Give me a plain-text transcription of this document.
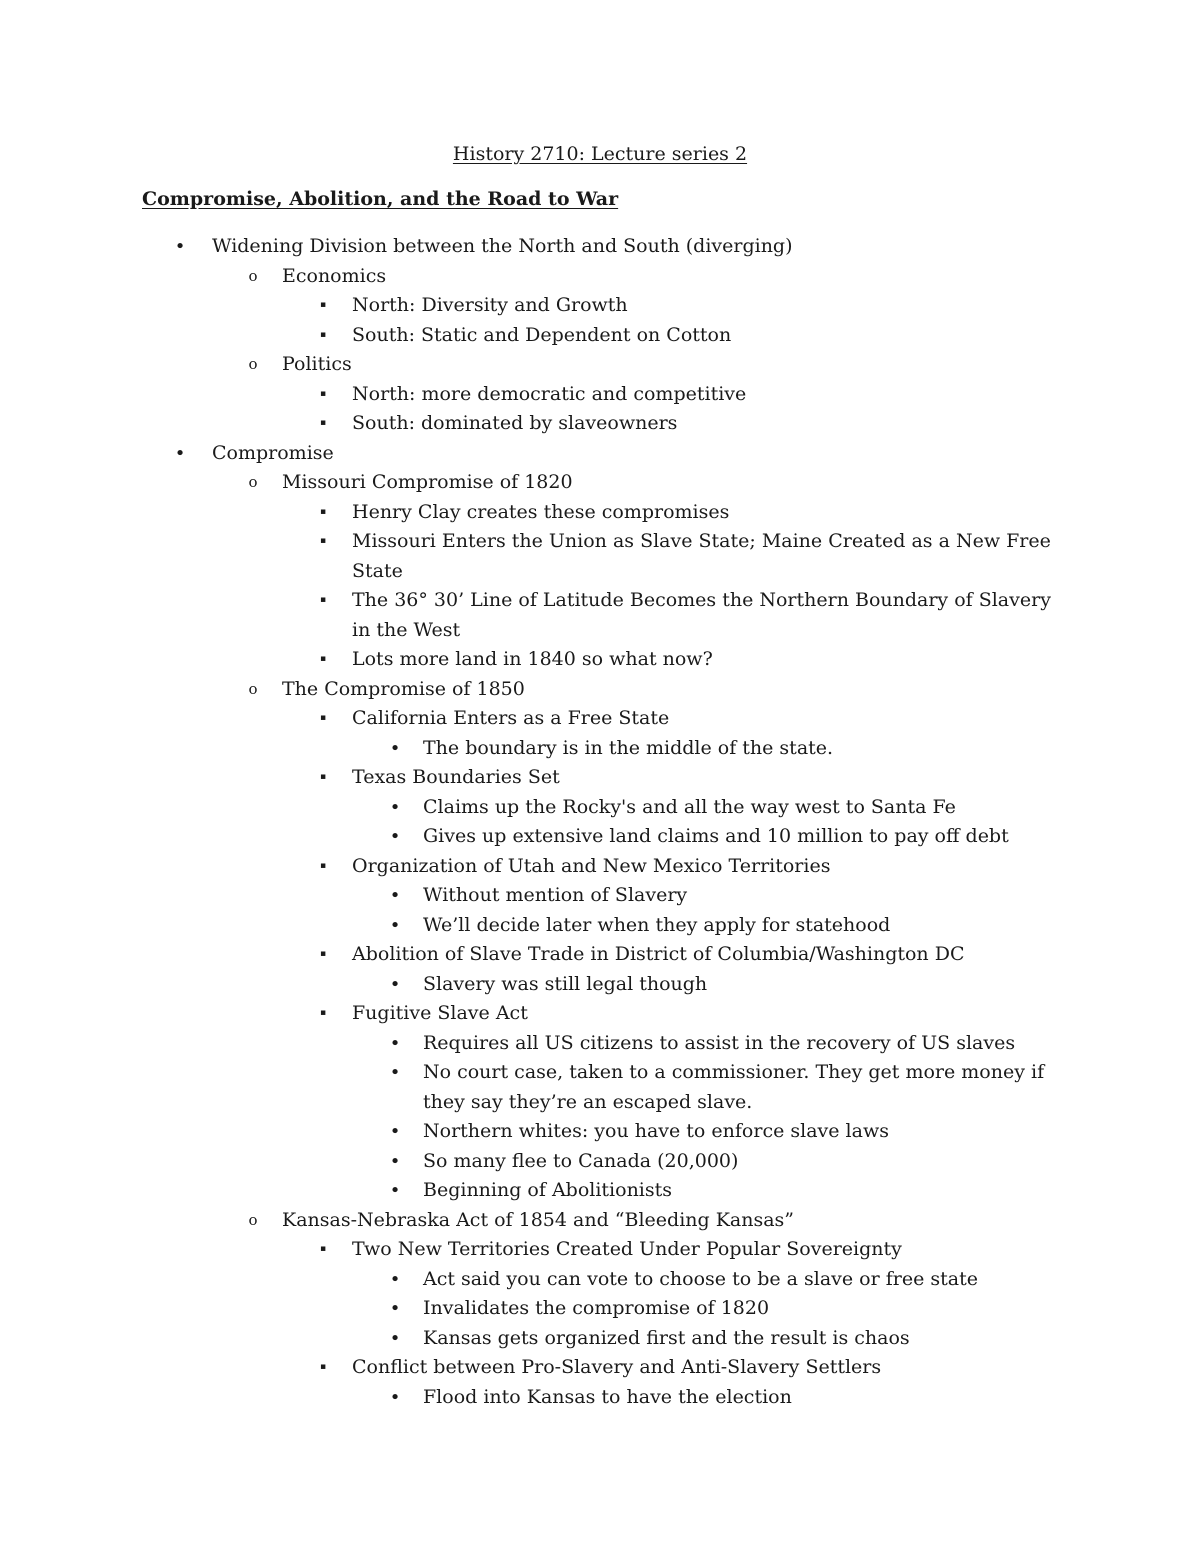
History 2710: Lecture series 2
Compromise, Abolition, and the Road to War
• Widening Division between the North and South (diverging)
o Economics
▪	North: Diversity and Growth
▪	South: Static and Dependent on Cotton
o Politics
▪	North: more democratic and competitive
▪	South: dominated by slaveowners
• Compromise
o Missouri Compromise of 1820
▪	Henry Clay creates these compromises
▪	Missouri Enters the Union as Slave State; Maine Created as a New Free State
▪	The 36° 30’ Line of Latitude Becomes the Northern Boundary of Slavery in the West
▪	Lots more land in 1840 so what now?
o The Compromise of 1850
▪	California Enters as a Free State
• The boundary is in the middle of the state.
▪	Texas Boundaries Set
• Claims up the Rocky's and all the way west to Santa Fe
• Gives up extensive land claims and 10 million to pay off debt
▪	Organization of Utah and New Mexico Territories
• Without mention of Slavery
• We’ll decide later when they apply for statehood
▪	Abolition of Slave Trade in District of Columbia/Washington DC
• Slavery was still legal though
▪	Fugitive Slave Act
• Requires all US citizens to assist in the recovery of US slaves
• No court case, taken to a commissioner. They get more money if they say they’re an escaped slave.
• Northern whites: you have to enforce slave laws
• So many flee to Canada (20,000)
• Beginning of Abolitionists
o Kansas-Nebraska Act of 1854 and “Bleeding Kansas”
▪	Two New Territories Created Under Popular Sovereignty
• Act said you can vote to choose to be a slave or free state
• Invalidates the compromise of 1820
• Kansas gets organized first and the result is chaos
▪	Conflict between Pro-Slavery and Anti-Slavery Settlers
• Flood into Kansas to have the election
